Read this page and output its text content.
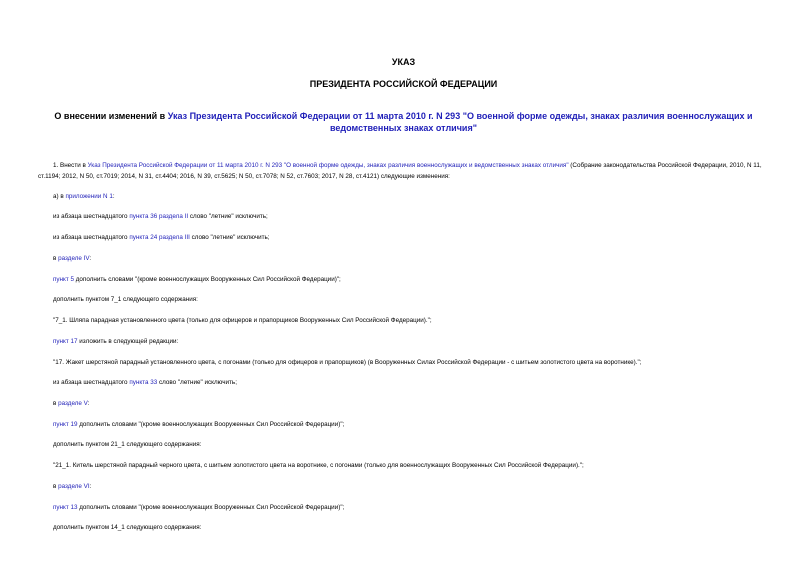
УКАЗ
ПРЕЗИДЕНТА РОССИЙСКОЙ ФЕДЕРАЦИИ
О внесении изменений в Указ Президента Российской Федерации от 11 марта 2010 г. N 293 "О военной форме одежды, знаках различия военнослужащих и ведомственных знаках отличия"
1. Внести в Указ Президента Российской Федерации от 11 марта 2010 г. N 293 "О военной форме одежды, знаках различия военнослужащих и ведомственных знаках отличия" (Собрание законодательства Российской Федерации, 2010, N 11, ст.1194; 2012, N 50, ст.7019; 2014, N 31, ст.4404; 2016, N 39, ст.5625; N 50, ст.7078; N 52, ст.7603; 2017, N 28, ст.4121) следующие изменения:
а) в приложении N 1:
из абзаца шестнадцатого пункта 36 раздела II слово "летние" исключить;
из абзаца шестнадцатого пункта 24 раздела III слово "летние" исключить;
в разделе IV:
пункт 5 дополнить словами "(кроме военнослужащих Вооруженных Сил Российской Федерации)";
дополнить пунктом 7_1 следующего содержания:
"7_1. Шляпа парадная установленного цвета (только для офицеров и прапорщиков Вооруженных Сил Российской Федерации).";
пункт 17 изложить в следующей редакции:
"17. Жакет шерстяной парадный установленного цвета, с погонами (только для офицеров и прапорщиков) (в Вооруженных Силах Российской Федерации - с шитьем золотистого цвета на воротнике).";
из абзаца шестнадцатого пункта 33 слово "летние" исключить;
в разделе V:
пункт 19 дополнить словами "(кроме военнослужащих Вооруженных Сил Российской Федерации)";
дополнить пунктом 21_1 следующего содержания:
"21_1. Китель шерстяной парадный черного цвета, с шитьем золотистого цвета на воротнике, с погонами (только для военнослужащих Вооруженных Сил Российской Федерации).";
в разделе VI:
пункт 13 дополнить словами "(кроме военнослужащих Вооруженных Сил Российской Федерации)";
дополнить пунктом 14_1 следующего содержания:
